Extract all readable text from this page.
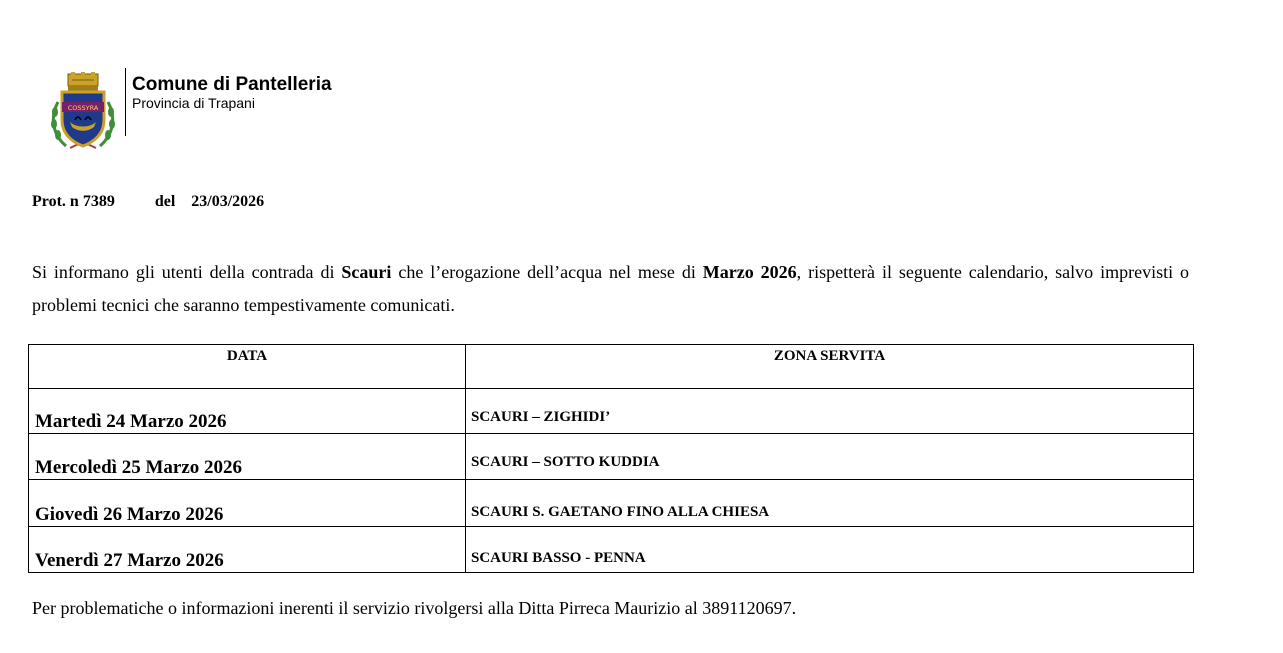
COSSYRA

Comune di Pantelleria

Provincia di Trapani

Prot. n 7389	del 23/03/2026

Si informano gli utenti della contrada di Scauri che l’erogazione dell’acqua nel mese di Marzo 2026, rispetterà il seguente calendario, salvo imprevisti o problemi tecnici che saranno tempestivamente comunicati.

DATA	ZONA SERVITA
Martedì 24 Marzo 2026	SCAURI – ZIGHIDI’
Mercoledì 25 Marzo 2026	SCAURI – SOTTO KUDDIA
Giovedì 26 Marzo 2026	SCAURI S. GAETANO FINO ALLA CHIESA
Venerdì 27 Marzo 2026	SCAURI BASSO - PENNA

Per problematiche o informazioni inerenti il servizio rivolgersi alla Ditta Pirreca Maurizio al 3891120697.
